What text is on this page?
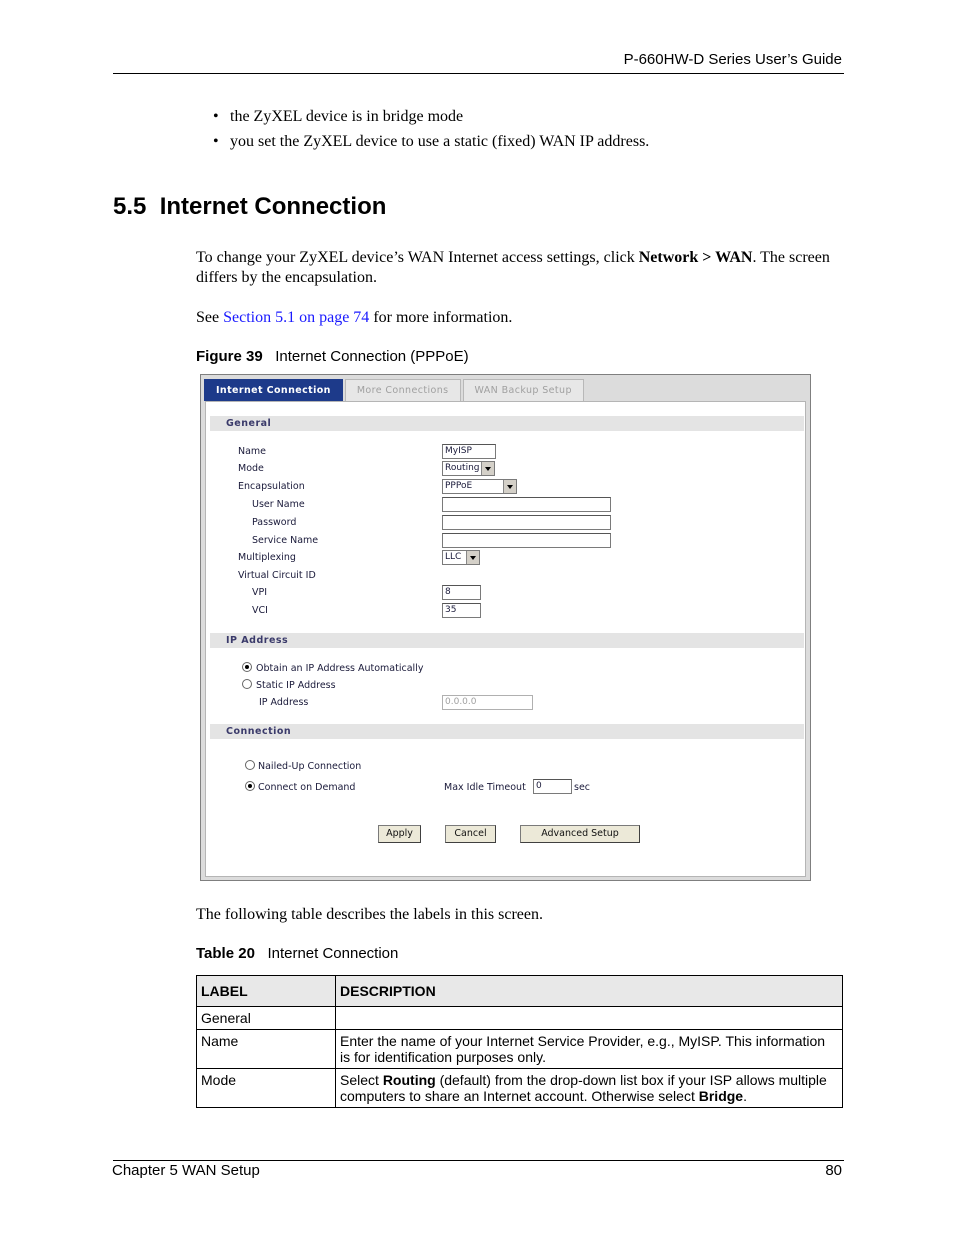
P-660HW-D Series User’s Guide
• the ZyXEL device is in bridge mode
• you set the ZyXEL device to use a static (fixed) WAN IP address.
5.5 Internet Connection

To change your ZyXEL device’s WAN Internet access settings, click Network > WAN. The screen differs by the encapsulation.

See Section 5.1 on page 74 for more information.

Figure 39 Internet Connection (PPPoE)
Internet Connection	More Connections	WAN Backup Setup
General
Name	MyISP
Mode	Routing
Encapsulation	PPPoE
User Name
Password
Service Name
Multiplexing	LLC
Virtual Circuit ID
VPI	8
VCI	35
IP Address
Obtain an IP Address Automatically
Static IP Address
IP Address	0.0.0.0
Connection
Nailed-Up Connection
Connect on Demand	Max Idle Timeout	0	sec
Apply	Cancel	Advanced Setup

The following table describes the labels in this screen.

Table 20 Internet Connection
LABEL	DESCRIPTION
General	
Name	Enter the name of your Internet Service Provider, e.g., MyISP. This information is for identification purposes only.
Mode	Select Routing (default) from the drop-down list box if your ISP allows multiple computers to share an Internet account. Otherwise select Bridge.
Chapter 5 WAN Setup	80
